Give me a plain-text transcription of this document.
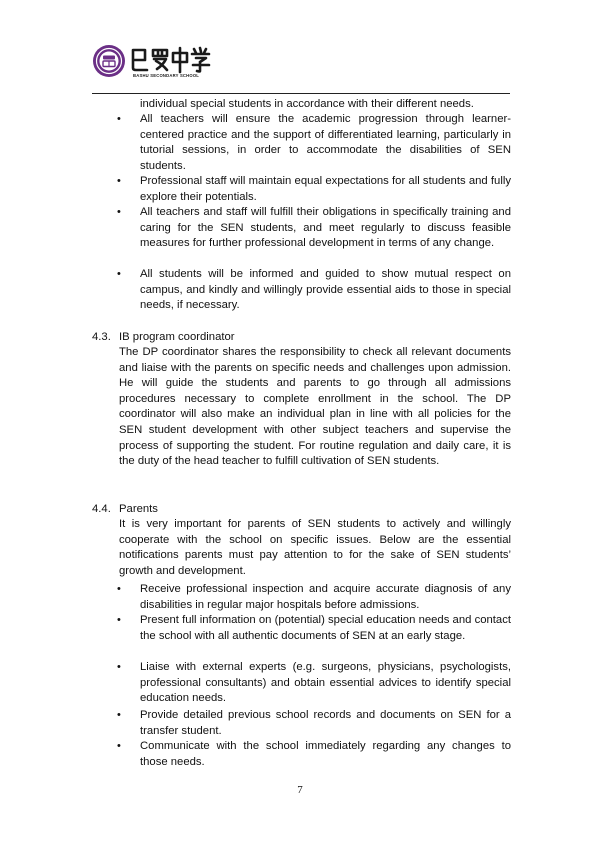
BASHU SECONDARY SCHOOL

individual special students in accordance with their different needs.

• All teachers will ensure the academic progression through learner-centered practice and the support of differentiated learning, particularly in tutorial sessions, in order to accommodate the disabilities of SEN students.

• Professional staff will maintain equal expectations for all students and fully explore their potentials.

• All teachers and staff will fulfill their obligations in specifically training and caring for the SEN students, and meet regularly to discuss feasible measures for further professional development in terms of any change.

• All students will be informed and guided to show mutual respect on campus, and kindly and willingly provide essential aids to those in special needs, if necessary.

4.3. IB program coordinator

The DP coordinator shares the responsibility to check all relevant documents and liaise with the parents on specific needs and challenges upon admission. He will guide the students and parents to go through all admissions procedures necessary to complete enrollment in the school. The DP coordinator will also make an individual plan in line with all policies for the SEN student development with other subject teachers and supervise the process of supporting the student. For routine regulation and daily care, it is the duty of the head teacher to fulfill cultivation of SEN students.

4.4. Parents

It is very important for parents of SEN students to actively and willingly cooperate with the school on specific issues. Below are the essential notifications parents must pay attention to for the sake of SEN students’ growth and development.

• Receive professional inspection and acquire accurate diagnosis of any disabilities in regular major hospitals before admissions.

• Present full information on (potential) special education needs and contact the school with all authentic documents of SEN at an early stage.

• Liaise with external experts (e.g. surgeons, physicians, psychologists, professional consultants) and obtain essential advices to identify special education needs.

• Provide detailed previous school records and documents on SEN for a transfer student.

• Communicate with the school immediately regarding any changes to those needs.

7
